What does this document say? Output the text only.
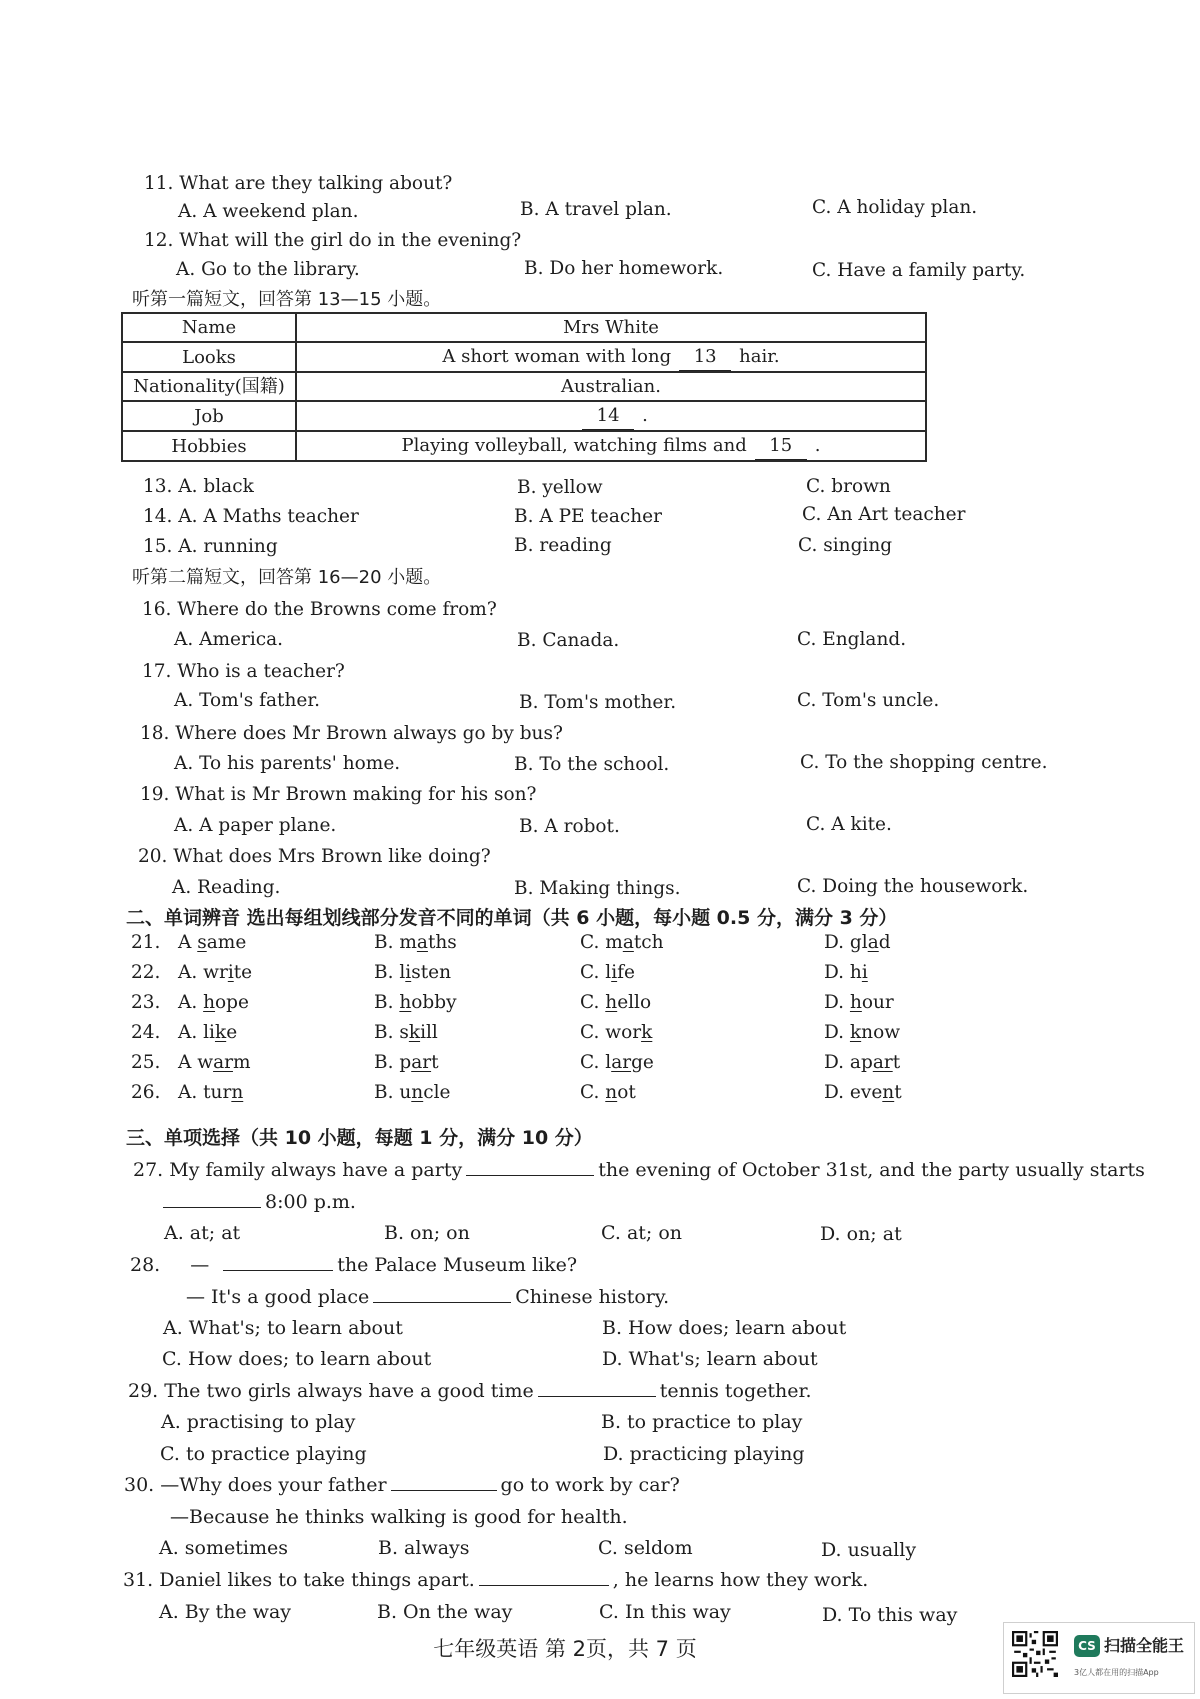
11. What are they talking about?
A. A weekend plan.	B. A travel plan.	C. A holiday plan.
12. What will the girl do in the evening?
A. Go to the library.	B. Do her homework.	C. Have a family party.
听第一篇短文，回答第 13—15 小题。
Name	Mrs White
Looks	A short woman with long 13 hair.
Nationality(国籍)	Australian.
Job	14 .
Hobbies	Playing volleyball, watching films and 15 .
13. A. black	B. yellow	C. brown
14. A. A Maths teacher	B. A PE teacher	C. An Art teacher
15. A. running	B. reading	C. singing
听第二篇短文，回答第 16—20 小题。
16. Where do the Browns come from?
A. America.	B. Canada.	C. England.
17. Who is a teacher?
A. Tom's father.	B. Tom's mother.	C. Tom's uncle.
18. Where does Mr Brown always go by bus?
A. To his parents' home.	B. To the school.	C. To the shopping centre.
19. What is Mr Brown making for his son?
A. A paper plane.	B. A robot.	C. A kite.
20. What does Mrs Brown like doing?
A. Reading.	B. Making things.	C. Doing the housework.
二、单词辨音 选出每组划线部分发音不同的单词（共 6 小题，每小题 0.5 分，满分 3 分）
21. A same	B. maths	C. match	D. glad
22. A. write	B. listen	C. life	D. hi
23. A. hope	B. hobby	C. hello	D. hour
24. A. like	B. skill	C. work	D. know
25. A warm	B. part	C. large	D. apart
26. A. turn	B. uncle	C. not	D. event
三、单项选择（共 10 小题，每题 1 分，满分 10 分）
27. My family always have a party	the evening of October 31st, and the party usually starts
8:00 p.m.
A. at; at	B. on; on	C. at; on	D. on; at
28. —	the Palace Museum like?
— It's a good place	Chinese history.
A. What's; to learn about	B. How does; learn about
C. How does; to learn about	D. What's; learn about
29. The two girls always have a good time	tennis together.
A. practising to play	B. to practice to play
C. to practice playing	D. practicing playing
30. —Why does your father	go to work by car?
—Because he thinks walking is good for health.
A. sometimes	B. always	C. seldom	D. usually
31. Daniel likes to take things apart.	, he learns how they work.
A. By the way	B. On the way	C. In this way	D. To this way
七年级英语 第 2页，共 7 页	CS 扫描全能王
3亿人都在用的扫描App
